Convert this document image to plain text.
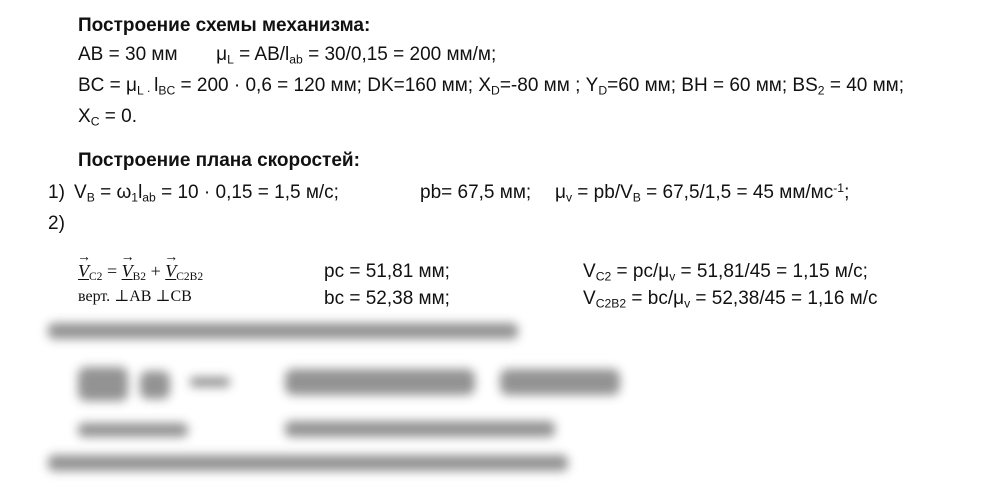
Построение схемы механизма:
AB = 30 мм $\mu_L = AB/l_{ab} = 30/0,15 = 200$ мм/м;
BC = $\mu_{L \cdot}$ $l_{BC} = 200 \cdot 0,6 = 120$ мм; DK=160 мм; $X_D=-80$ мм ; $Y_D=60$ мм; BH = 60 мм; $BS_2 = 40$ мм;
$X_C = 0$.
Построение плана скоростей:
1) $V_B = \omega_1l_{ab} = 10 \cdot 0,15 = 1,5$ м/с;	pb= 67,5 мм; $\mu_v = pb/V_B = 67,5/1,5 = 45$ $мм/мс^{-1}$;
2)
→ $V_{C2}$ = → $V_{B2}$ + → $V_{C2B2}$
верт. ⊥AB ⊥CB
pc = 51,81 мм;
bc = 52,38 мм;
$V_{C2} = pc/\mu_v = 51,81/45 = 1,15$ м/с;
$V_{C2B2} = bc/\mu_v = 52,38/45 = 1,16$ м/с
